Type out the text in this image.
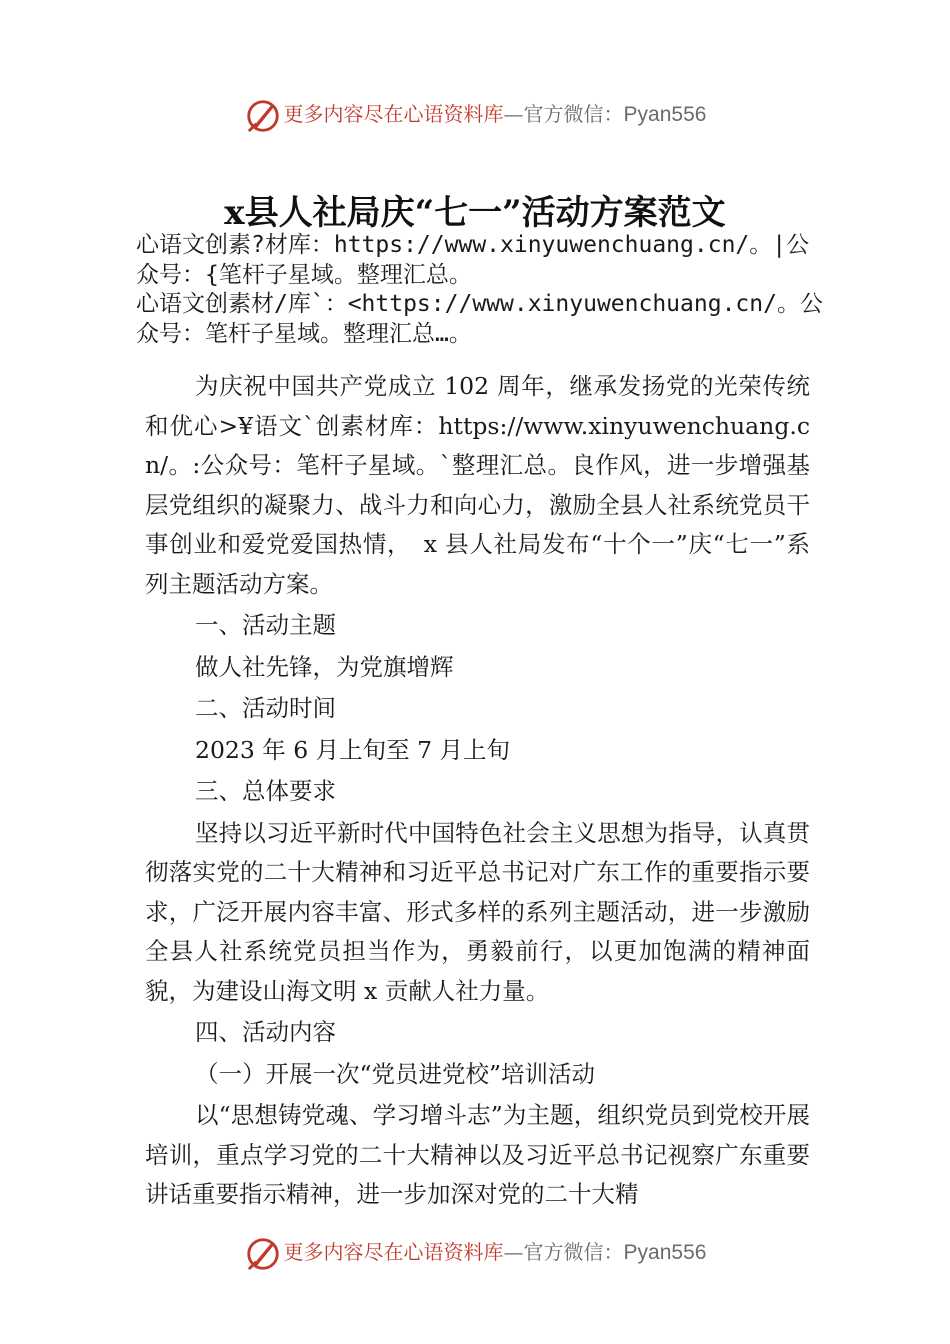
更多内容尽在心语资料库—官方微信：Pyan556
x县人社局庆“七一”活动方案范文
心语文创素?材库：https://www.xinyuwenchuang.cn/。|公众号：{笔杆子星域。整理汇总。
心语文创素材/库`：<https://www.xinyuwenchuang.cn/。公众号：笔杆子星域。整理汇总…。

为庆祝中国共产党成立 102 周年，继承发扬党的光荣传统和优心>¥语文`创素材库：https://www.xinyuwenchuang.cn/。:公众号：笔杆子星域。`整理汇总。良作风，进一步增强基层党组织的凝聚力、战斗力和向心力，激励全县人社系统党员干事创业和爱党爱国热情，　x 县人社局发布“十个一”庆“七一”系列主题活动方案。

一、活动主题

做人社先锋，为党旗增辉

二、活动时间

2023 年 6 月上旬至 7 月上旬

三、总体要求

坚持以习近平新时代中国特色社会主义思想为指导，认真贯彻落实党的二十大精神和习近平总书记对广东工作的重要指示要求，广泛开展内容丰富、形式多样的系列主题活动，进一步激励全县人社系统党员担当作为，勇毅前行，以更加饱满的精神面貌，为建设山海文明 x 贡献人社力量。

四、活动内容

（一）开展一次“党员进党校”培训活动

以“思想铸党魂、学习增斗志”为主题，组织党员到党校开展培训，重点学习党的二十大精神以及习近平总书记视察广东重要讲话重要指示精神，进一步加深对党的二十大精

更多内容尽在心语资料库—官方微信：Pyan556
